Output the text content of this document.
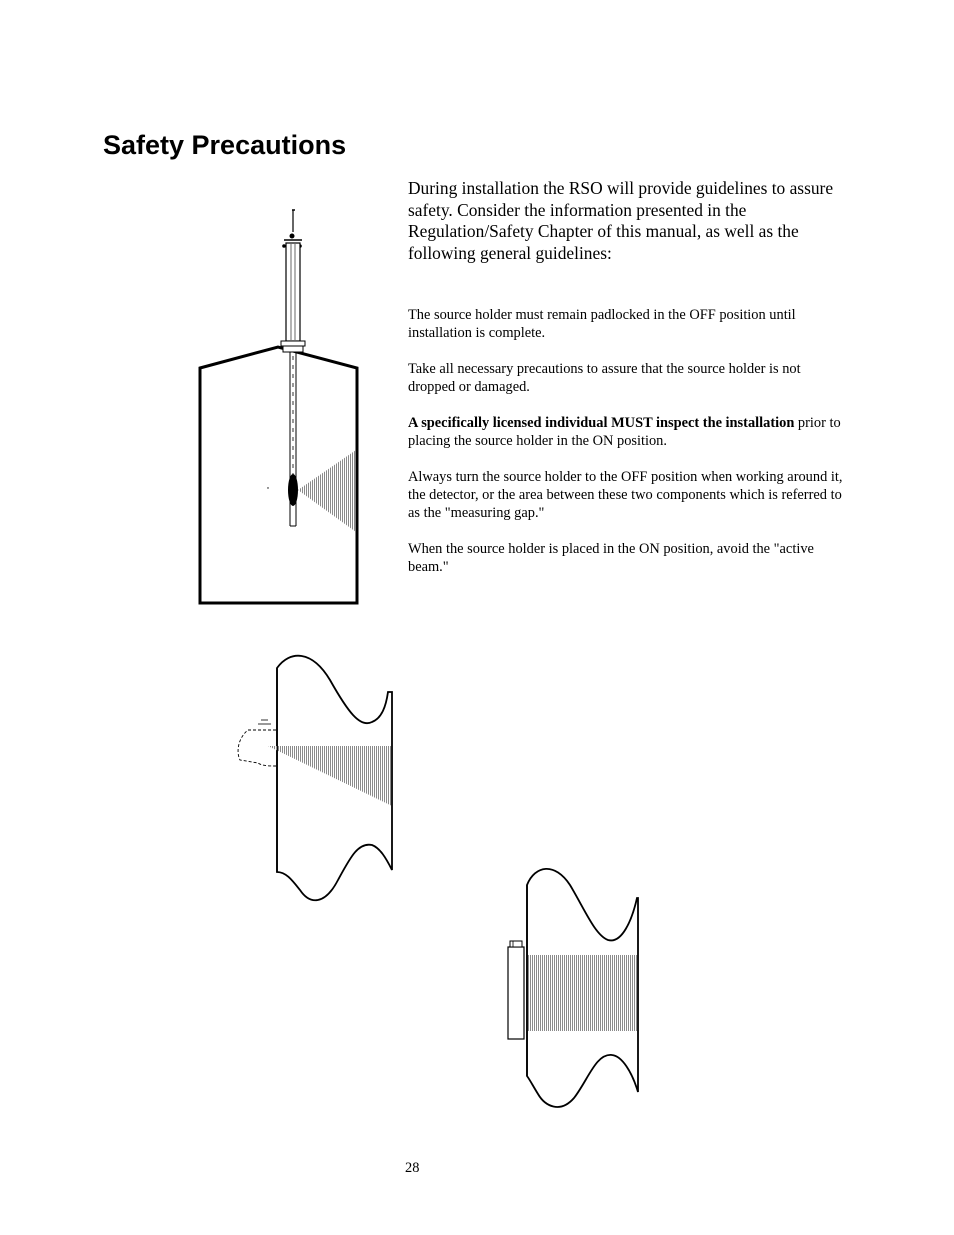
Safety Precautions

During installation the RSO will provide guidelines to assure safety. Consider the information presented in the Regulation/Safety Chapter of this manual, as well as the following general guidelines:

The source holder must remain padlocked in the OFF position until installation is complete.

Take all necessary precautions to assure that the source holder is not dropped or damaged.

A specifically licensed individual MUST inspect the installation prior to placing the source holder in the ON position.

Always turn the source holder to the OFF position when working around it, the detector, or the area between these two components which is referred to as the "measuring gap."

When the source holder is placed in the ON position, avoid the "active beam."

28
